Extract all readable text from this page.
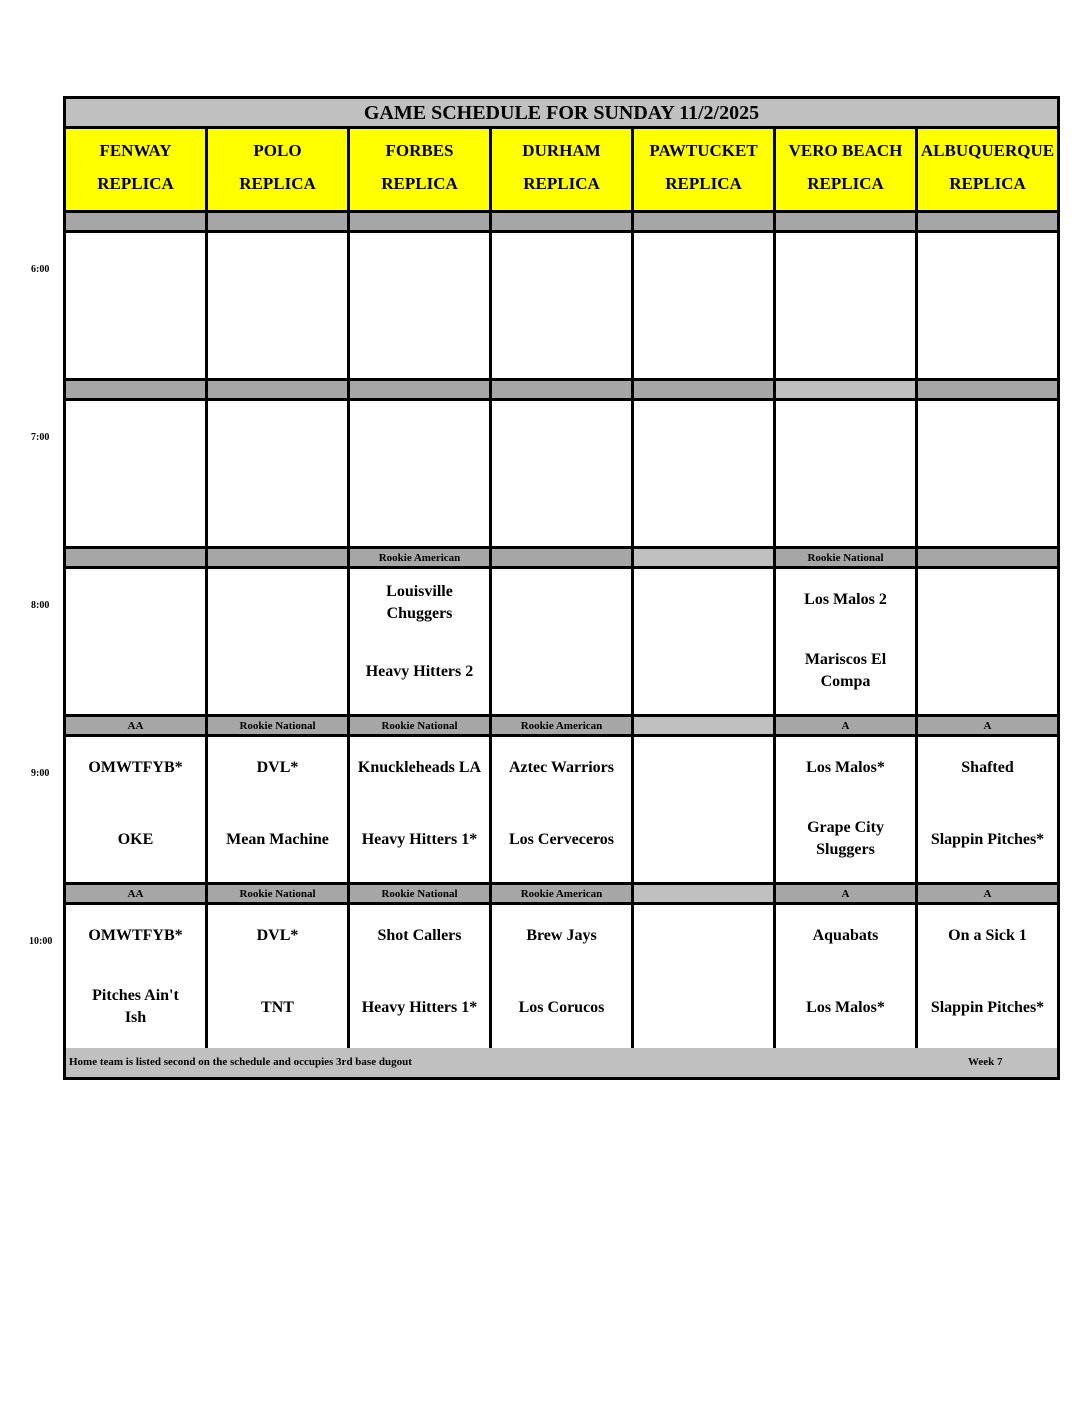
6:00
7:00
8:00
9:00
10:00
GAME SCHEDULE FOR SUNDAY 11/2/2025
FENWAY
REPLICA
POLO
REPLICA
FORBES
REPLICA
DURHAM
REPLICA
PAWTUCKET
REPLICA
VERO BEACH
REPLICA
ALBUQUERQUE
REPLICA
Rookie American
Louisville Chuggers
Heavy Hitters 2
Rookie National
Los Malos 2
Mariscos El Compa
AA
OMWTFYB*
OKE
Rookie National
DVL*
Mean Machine
Rookie National
Knuckleheads LA
Heavy Hitters 1*
Rookie American
Aztec Warriors
Los Cerveceros
A
Los Malos*
Grape City Sluggers
A
Shafted
Slappin Pitches*
AA
OMWTFYB*
Pitches Ain't Ish
Rookie National
DVL*
TNT
Rookie National
Shot Callers
Heavy Hitters 1*
Rookie American
Brew Jays
Los Corucos
A
Aquabats
Los Malos*
A
On a Sick 1
Slappin Pitches*
Home team is listed second on the schedule and occupies 3rd base dugout	Week 7
